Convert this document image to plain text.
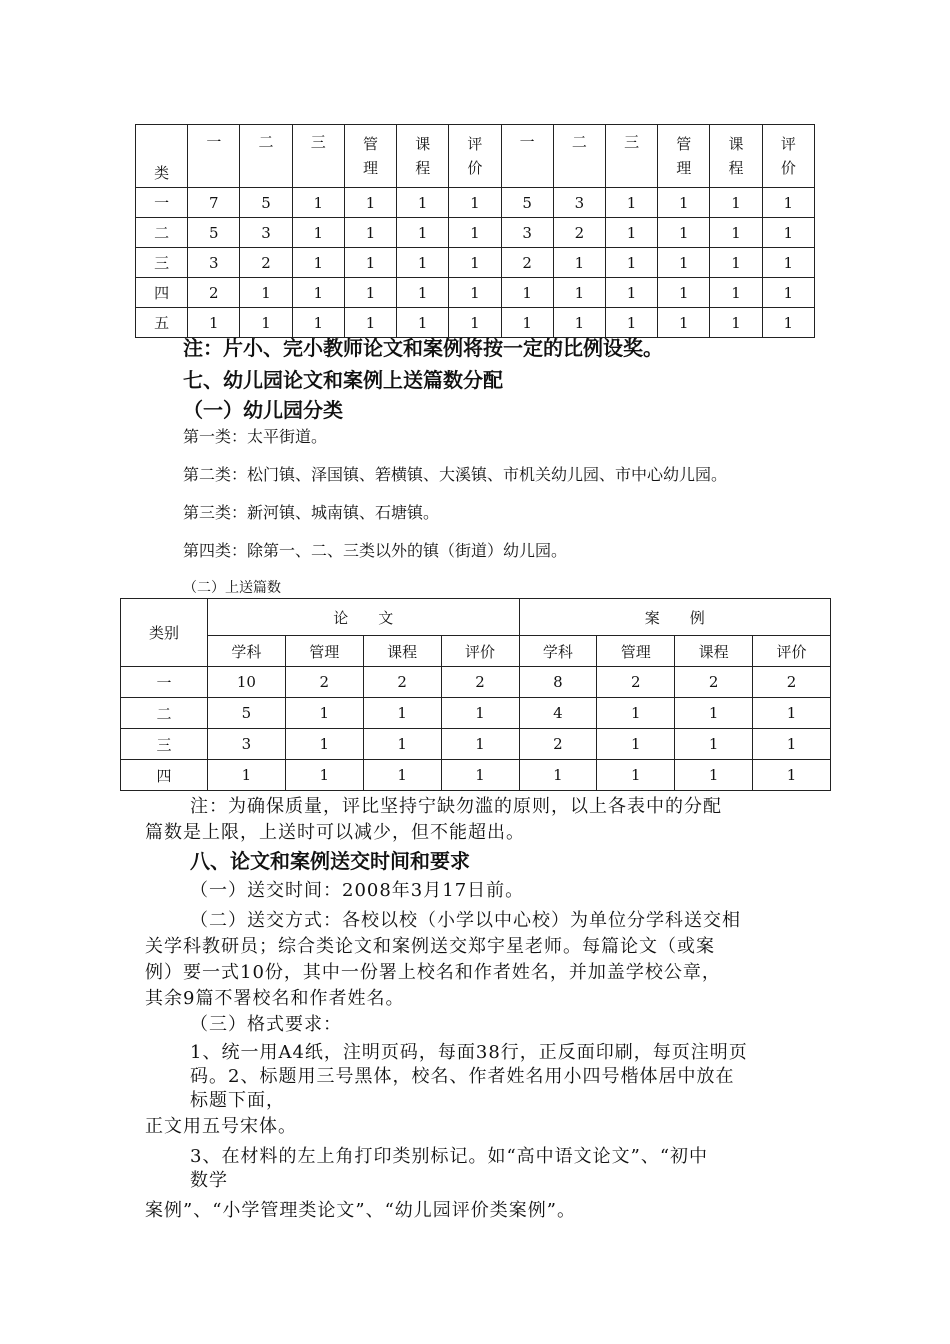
类	一	二	三	管理	课程	评价	一	二	三	管理	课程	评价
一	7	5	1	1	1	1	5	3	1	1	1	1
二	5	3	1	1	1	1	3	2	1	1	1	1
三	3	2	1	1	1	1	2	1	1	1	1	1
四	2	1	1	1	1	1	1	1	1	1	1	1
五	1	1	1	1	1	1	1	1	1	1	1	1
注：片小、完小教师论文和案例将按一定的比例设奖。
七、幼儿园论文和案例上送篇数分配
（一）幼儿园分类
第一类：太平街道。
第二类：松门镇、泽国镇、箬横镇、大溪镇、市机关幼儿园、市中心幼儿园。
第三类：新河镇、城南镇、石塘镇。
第四类：除第一、二、三类以外的镇（街道）幼儿园。
（二）上送篇数
类别	论　　文				案　　例			
	学科	管理	课程	评价	学科	管理	课程	评价
一	10	2	2	2	8	2	2	2
二	5	1	1	1	4	1	1	1
三	3	1	1	1	2	1	1	1
四	1	1	1	1	1	1	1	1
注：为确保质量，评比坚持宁缺勿滥的原则，以上各表中的分配
篇数是上限，上送时可以减少，但不能超出。
八、论文和案例送交时间和要求
（一）送交时间：2008年3月17日前。
（二）送交方式：各校以校（小学以中心校）为单位分学科送交相
关学科教研员；综合类论文和案例送交郑宇星老师。每篇论文（或案
例）要一式10份，其中一份署上校名和作者姓名，并加盖学校公章，
其余9篇不署校名和作者姓名。
（三）格式要求：
1、统一用A4纸，注明页码，每面38行，正反面印刷，每页注明页
码。2、标题用三号黑体，校名、作者姓名用小四号楷体居中放在
标题下面，
正文用五号宋体。
3、在材料的左上角打印类别标记。如“高中语文论文”、“初中
数学
案例”、“小学管理类论文”、“幼儿园评价类案例”。
